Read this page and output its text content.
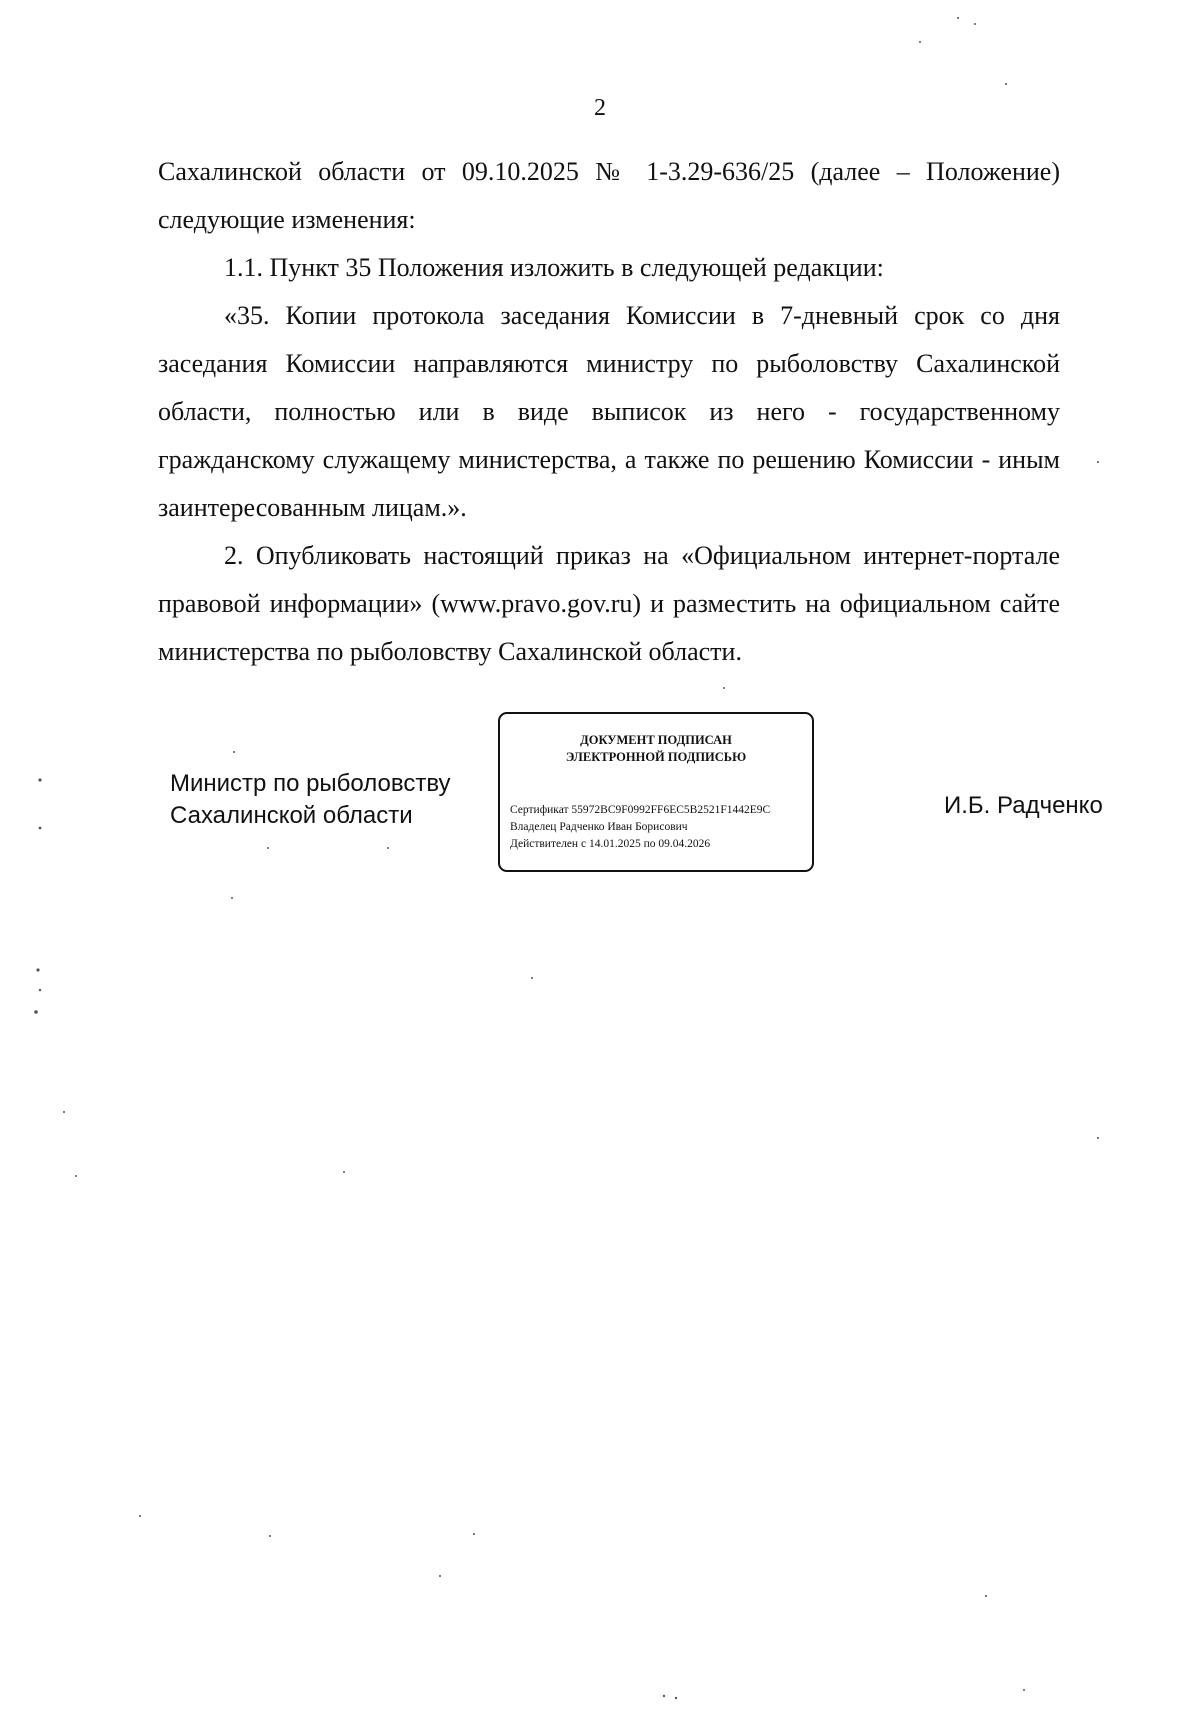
2

Сахалинской области от 09.10.2025 № 1-3.29-636/25 (далее – Положение) следующие изменения:

1.1. Пункт 35 Положения изложить в следующей редакции:

«35. Копии протокола заседания Комиссии в 7-дневный срок со дня заседания Комиссии направляются министру по рыболовству Сахалинской области, полностью или в виде выписок из него - государственному гражданскому служащему министерства, а также по решению Комиссии - иным заинтересованным лицам.».

2. Опубликовать настоящий приказ на «Официальном интернет-портале правовой информации» (www.pravo.gov.ru) и разместить на официальном сайте министерства по рыболовству Сахалинской области.

Министр по рыболовству
Сахалинской области
ДОКУМЕНТ ПОДПИСАН
ЭЛЕКТРОННОЙ ПОДПИСЬЮ
Сертификат 55972BC9F0992FF6EC5B2521F1442E9C
Владелец Радченко Иван Борисович
Действителен с 14.01.2025 по 09.04.2026
И.Б. Радченко
